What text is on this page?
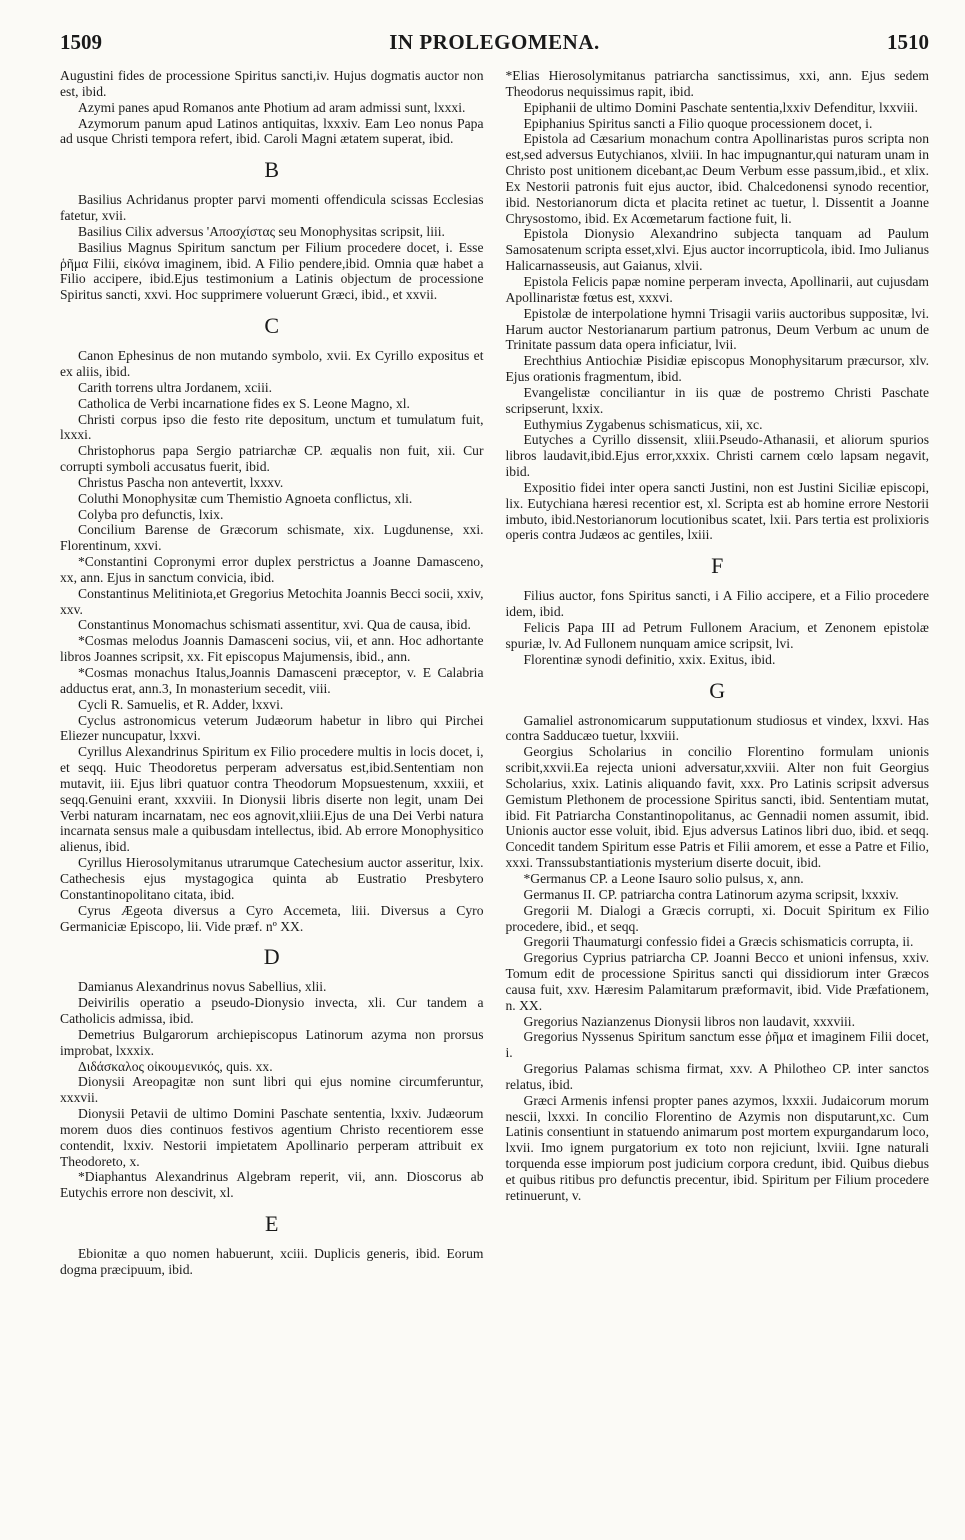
1509	IN PROLEGOMENA.	1510

Augustini fides de processione Spiritus sancti,iv. Hujus dogmatis auctor non est, ibid.

Azymi panes apud Romanos ante Photium ad aram admissi sunt, lxxxi.

Azymorum panum apud Latinos antiquitas, lxxxiv. Eam Leo nonus Papa ad usque Christi tempora refert, ibid. Caroli Magni ætatem superat, ibid.

B

Basilius Achridanus propter parvi momenti offendicula scissas Ecclesias fatetur, xvii.

Basilius Cilix adversus 'Αποσχίστας seu Monophysitas scripsit, liii.

Basilius Magnus Spiritum sanctum per Filium procedere docet, i. Esse ῥῆμα Filii, εἰκόνα imaginem, ibid. A Filio pendere,ibid. Omnia quæ habet a Filio accipere, ibid.Ejus testimonium a Latinis objectum de processione Spiritus sancti, xxvi. Hoc supprimere voluerunt Græci, ibid., et xxvii.

C

Canon Ephesinus de non mutando symbolo, xvii. Ex Cyrillo expositus et ex aliis, ibid.

Carith torrens ultra Jordanem, xciii.

Catholica de Verbi incarnatione fides ex S. Leone Magno, xl.

Christi corpus ipso die festo rite depositum, unctum et tumulatum fuit, lxxxi.

Christophorus papa Sergio patriarchæ CP. æqualis non fuit, xii. Cur corrupti symboli accusatus fuerit, ibid.

Christus Pascha non antevertit, lxxxv.

Coluthi Monophysitæ cum Themistio Agnoeta conflictus, xli.

Colyba pro defunctis, lxix.

Concilium Barense de Græcorum schismate, xix. Lugdunense, xxi. Florentinum, xxvi.

*Constantini Copronymi error duplex perstrictus a Joanne Damasceno, xx, ann. Ejus in sanctum convicia, ibid.

Constantinus Melitiniota,et Gregorius Metochita Joannis Becci socii, xxiv, xxv.

Constantinus Monomachus schismati assentitur, xvi. Qua de causa, ibid.

*Cosmas melodus Joannis Damasceni socius, vii, et ann. Hoc adhortante libros Joannes scripsit, xx. Fit episcopus Majumensis, ibid., ann.

*Cosmas monachus Italus,Joannis Damasceni præceptor, v. E Calabria adductus erat, ann.3, In monasterium secedit, viii.

Cycli R. Samuelis, et R. Adder, lxxvi.

Cyclus astronomicus veterum Judæorum habetur in libro qui Pirchei Eliezer nuncupatur, lxxvi.

Cyrillus Alexandrinus Spiritum ex Filio procedere multis in locis docet, i, et seqq. Huic Theodoretus perperam adversatus est,ibid.Sententiam non mutavit, iii. Ejus libri quatuor contra Theodorum Mopsuestenum, xxxiii, et seqq.Genuini erant, xxxviii. In Dionysii libris diserte non legit, unam Dei Verbi naturam incarnatam, nec eos agnovit,xliii.Ejus de una Dei Verbi natura incarnata sensus male a quibusdam intellectus, ibid. Ab errore Monophysitico alienus, ibid.

Cyrillus Hierosolymitanus utrarumque Catechesium auctor asseritur, lxix. Cathechesis ejus mystagogica quinta ab Eustratio Presbytero Constantinopolitano citata, ibid.

Cyrus Ægeota diversus a Cyro Accemeta, liii. Diversus a Cyro Germaniciæ Episcopo, lii. Vide præf. nº XX.

D

Damianus Alexandrinus novus Sabellius, xlii.

Deivirilis operatio a pseudo-Dionysio invecta, xli. Cur tandem a Catholicis admissa, ibid.

Demetrius Bulgarorum archiepiscopus Latinorum azyma non prorsus improbat, lxxxix.

Διδάσκαλος οἰκουμενικός, quis. xx.

Dionysii Areopagitæ non sunt libri qui ejus nomine circumferuntur, xxxvii.

Dionysii Petavii de ultimo Domini Paschate sententia, lxxiv. Judæorum morem duos dies continuos festivos agentium Christo recentiorem esse contendit, lxxiv. Nestorii impietatem Apollinario perperam attribuit ex Theodoreto, x.

*Diaphantus Alexandrinus Algebram reperit, vii, ann. Dioscorus ab Eutychis errore non descivit, xl.

E

Ebionitæ a quo nomen habuerunt, xciii. Duplicis generis, ibid. Eorum dogma præcipuum, ibid.

*Elias Hierosolymitanus patriarcha sanctissimus, xxi, ann. Ejus sedem Theodorus nequissimus rapit, ibid.

Epiphanii de ultimo Domini Paschate sententia,lxxiv Defenditur, lxxviii.

Epiphanius Spiritus sancti a Filio quoque processionem docet, i.

Epistola ad Cæsarium monachum contra Apollinaristas puros scripta non est,sed adversus Eutychianos, xlviii. In hac impugnantur,qui naturam unam in Christo post unitionem dicebant,ac Deum Verbum esse passum,ibid., et xlix. Ex Nestorii patronis fuit ejus auctor, ibid. Chalcedonensi synodo recentior, ibid. Nestorianorum dicta et placita retinet ac tuetur, l. Dissentit a Joanne Chrysostomo, ibid. Ex Acœmetarum factione fuit, li.

Epistola Dionysio Alexandrino subjecta tanquam ad Paulum Samosatenum scripta esset,xlvi. Ejus auctor incorrupticola, ibid. Imo Julianus Halicarnasseusis, aut Gaianus, xlvii.

Epistola Felicis papæ nomine perperam invecta, Apollinarii, aut cujusdam Apollinaristæ fœtus est, xxxvi.

Epistolæ de interpolatione hymni Trisagii variis auctoribus suppositæ, lvi. Harum auctor Nestorianarum partium patronus, Deum Verbum ac unum de Trinitate passum data opera inficiatur, lvii.

Erechthius Antiochiæ Pisidiæ episcopus Monophysitarum præcursor, xlv. Ejus orationis fragmentum, ibid.

Evangelistæ conciliantur in iis quæ de postremo Christi Paschate scripserunt, lxxix.

Euthymius Zygabenus schismaticus, xii, xc.

Eutyches a Cyrillo dissensit, xliii.Pseudo-Athanasii, et aliorum spurios libros laudavit,ibid.Ejus error,xxxix. Christi carnem cœlo lapsam negavit, ibid.

Expositio fidei inter opera sancti Justini, non est Justini Siciliæ episcopi, lix. Eutychiana hæresi recentior est, xl. Scripta est ab homine errore Nestorii imbuto, ibid.Nestorianorum locutionibus scatet, lxii. Pars tertia est prolixioris operis contra Judæos ac gentiles, lxiii.

F

Filius auctor, fons Spiritus sancti, i A Filio accipere, et a Filio procedere idem, ibid.

Felicis Papa III ad Petrum Fullonem Aracium, et Zenonem epistolæ spuriæ, lv. Ad Fullonem nunquam amice scripsit, lvi.

Florentinæ synodi definitio, xxix. Exitus, ibid.

G

Gamaliel astronomicarum supputationum studiosus et vindex, lxxvi. Has contra Sadducæo tuetur, lxxviii.

Georgius Scholarius in concilio Florentino formulam unionis scribit,xxvii.Ea rejecta unioni adversatur,xxviii. Alter non fuit Georgius Scholarius, xxix. Latinis aliquando favit, xxx. Pro Latinis scripsit adversus Gemistum Plethonem de processione Spiritus sancti, ibid. Sententiam mutat, ibid. Fit Patriarcha Constantinopolitanus, ac Gennadii nomen assumit, ibid. Unionis auctor esse voluit, ibid. Ejus adversus Latinos libri duo, ibid. et seqq. Concedit tandem Spiritum esse Patris et Filii amorem, et esse a Patre et Filio, xxxi. Transsubstantiationis mysterium diserte docuit, ibid.

*Germanus CP. a Leone Isauro solio pulsus, x, ann.

Germanus II. CP. patriarcha contra Latinorum azyma scripsit, lxxxiv.

Gregorii M. Dialogi a Græcis corrupti, xi. Docuit Spiritum ex Filio procedere, ibid., et seqq.

Gregorii Thaumaturgi confessio fidei a Græcis schismaticis corrupta, ii.

Gregorius Cyprius patriarcha CP. Joanni Becco et unioni infensus, xxiv. Tomum edit de processione Spiritus sancti qui dissidiorum inter Græcos causa fuit, xxv. Hæresim Palamitarum præformavit, ibid. Vide Præfationem, n. XX.

Gregorius Nazianzenus Dionysii libros non laudavit, xxxviii.

Gregorius Nyssenus Spiritum sanctum esse ῥῆμα et imaginem Filii docet, i.

Gregorius Palamas schisma firmat, xxv. A Philotheo CP. inter sanctos relatus, ibid.

Græci Armenis infensi propter panes azymos, lxxxii. Judaicorum morum nescii, lxxxi. In concilio Florentino de Azymis non disputarunt,xc. Cum Latinis consentiunt in statuendo animarum post mortem expurgandarum loco, lxvii. Imo ignem purgatorium ex toto non rejiciunt, lxviii. Igne naturali torquenda esse impiorum post judicium corpora credunt, ibid. Quibus diebus et quibus ritibus pro defunctis precentur, ibid. Spiritum per Filium procedere retinuerunt, v.
